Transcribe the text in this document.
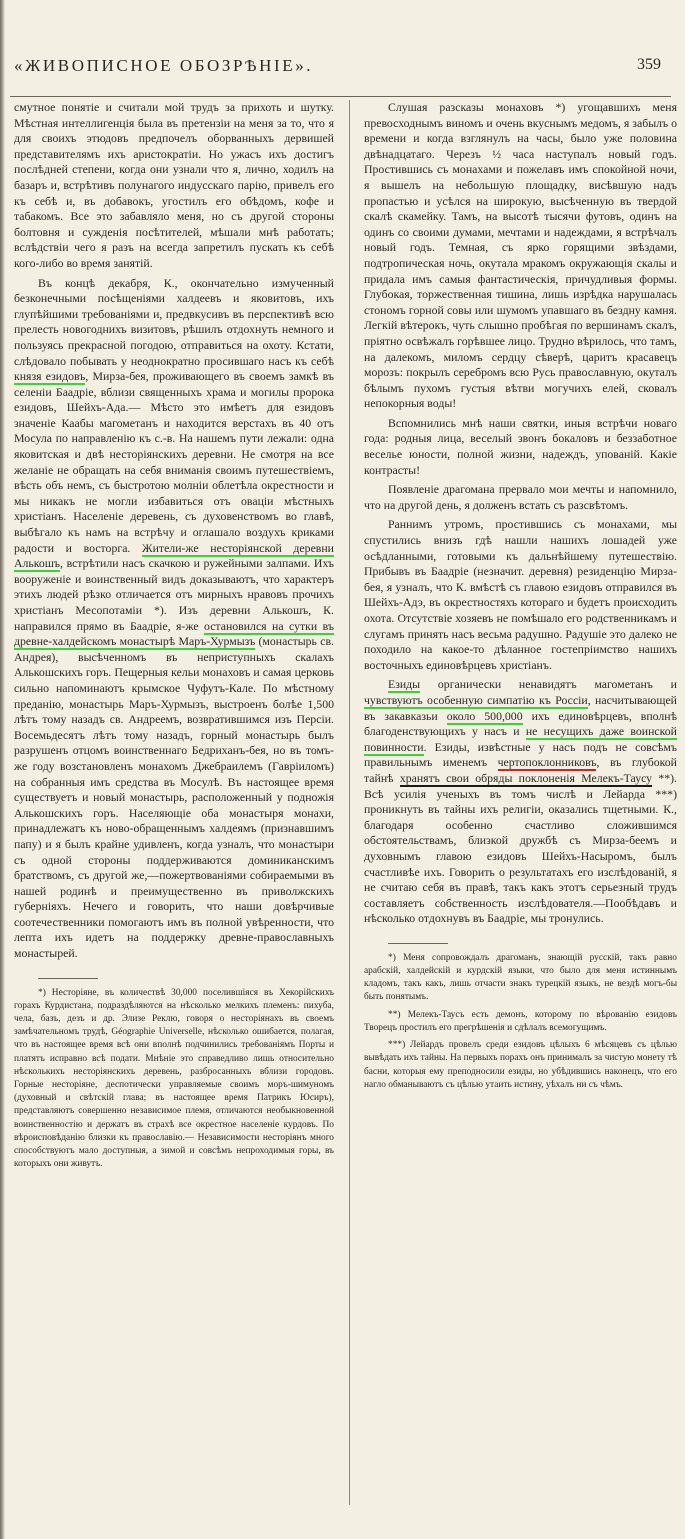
«ЖИВОПИСНОЕ ОБОЗРѢНІЕ».	359

смутное понятіе и считали мой трудъ за прихоть и шутку. Мѣстная интеллигенція была въ претензіи на меня за то, что я для своихъ этюдовъ предпочелъ оборванныхъ дервишей представителямъ ихъ аристократіи. Но ужасъ ихъ достигъ послѣдней степени, когда они узнали что я, лично, ходилъ на базаръ и, встрѣтивъ полунагого индусскаго парію, привелъ его къ себѣ и, въ добавокъ, угостилъ его обѣдомъ, кофе и табакомъ. Все это забавляло меня, но съ другой стороны болтовня и сужденія посѣтителей, мѣшали мнѣ работать; вслѣдствіи чего я разъ на всегда запретилъ пускать къ себѣ кого-либо во время занятій.

Въ концѣ декабря, К., окончательно измученный безконечными посѣщеніями халдеевъ и яковитовъ, ихъ глупѣйшими требованіями и, предвкусивъ въ перспективѣ всю прелесть новогоднихъ визитовъ, рѣшилъ отдохнуть немного и пользуясь прекрасной погодою, отправиться на охоту. Кстати, слѣдовало побывать у неоднократно просившаго насъ къ себѣ князя езидовъ, Мирза-бея, проживающего въ своемъ замкѣ въ селеніи Баадріе, вблизи священныхъ храма и могилы пророка езидовъ, Шейхъ-Ада.— Мѣсто это имѣетъ для езидовъ значеніе Каабы магометанъ и находится верстахъ въ 40 отъ Мосула по направленію къ с.-в. На нашемъ пути лежали: одна яковитская и двѣ несторіянскихъ деревни. Не смотря на все желаніе не обращать на себя вниманія своимъ путешествіемъ, вѣсть объ немъ, съ быстротою молніи облетѣла окрестности и мы никакъ не могли избавиться отъ оваціи мѣстныхъ христіанъ. Населеніе деревень, съ духовенствомъ во главѣ, выбѣгало къ намъ на встрѣчу и оглашало воздухъ криками радости и восторга. Жители-же несторіянской деревни Алькошъ, встрѣтили насъ скачкою и ружейными залпами. Ихъ вооруженіе и воинственный видъ доказываютъ, что характеръ этихъ людей рѣзко отличается отъ мирныхъ нравовъ прочихъ христіанъ Месопотаміи *). Изъ деревни Алькошъ, К. направился прямо въ Баадріе, я-же остановился на сутки въ древне-халдейскомъ монастырѣ Маръ-Хурмызъ (монастырь св. Андрея), высѣченномъ въ неприступныхъ скалахъ Алькошскихъ горъ. Пещерныя кельи монаховъ и самая церковь сильно напоминаютъ крымское Чуфутъ-Кале. По мѣстному преданію, монастырь Маръ-Хурмызъ, выстроенъ болѣе 1,500 лѣтъ тому назадъ св. Андреемъ, возвратившимся изъ Персіи. Восемьдесятъ лѣтъ тому назадъ, горный монастырь былъ разрушенъ отцомъ воинственнаго Бедриханъ-бея, но въ томъ-же году возстановленъ монахомъ Джебраилемъ (Гавріиломъ) на собранныя имъ средства въ Мосулѣ. Въ настоящее время существуетъ и новый монастырь, расположенный у подножія Алькошскихъ горъ. Населяющіе оба монастыря монахи, принадлежатъ къ ново-обращеннымъ халдеямъ (признавшимъ папу) и я былъ крайне удивленъ, когда узналъ, что монастыри съ одной стороны поддерживаются доминиканскимъ братствомъ, съ другой же,—пожертвованіями собираемыми въ нашей родинѣ и преимущественно въ приволжскихъ губерніяхъ. Нечего и говорить, что наши довѣрчивые соотечественники помогаютъ имъ въ полной увѣренности, что лепта ихъ идетъ на поддержку древне-православныхъ монастырей.

*) Несторіяне, въ количествѣ 30,000 поселившіяся въ Хекорійскихъ горахъ Курдистана, подраздѣляются на нѣсколько мелкихъ племенъ: пихуба, чела, базъ, дезъ и др. Элизе Реклю, говоря о несторіянахъ въ своемъ замѣчательномъ трудѣ, Géographie Universelle, нѣсколько ошибается, полагая, что въ настоящее время всѣ они вполнѣ подчинились требованіямъ Порты и платятъ исправно всѣ подати. Мнѣніе это справедливо лишь относительно нѣсколькихъ несторіянскихъ деревень, разбросанныхъ вблизи городовъ. Горные несторіяне, деспотически управляемые своимъ моръ-шимуномъ (духовный и свѣтскій глава; въ настоящее время Патрикъ Юсиръ), представляютъ совершенно независимое племя, отличаются необыкновенной воинственностію и держатъ въ страхѣ все окрестное населеніе курдовъ. По вѣроисповѣданію близки къ православію.— Независимости несторіянъ много способствуютъ мало доступныя, а зимой и совсѣмъ непроходимыя горы, въ которыхъ они живутъ.

Слушая разсказы монаховъ *) угощавшихъ меня превосходнымъ виномъ и очень вкуснымъ медомъ, я забылъ о времени и когда взглянулъ на часы, было уже половина двѣнадцатаго. Черезъ ½ часа наступалъ новый годъ. Простившись съ монахами и пожелавъ имъ спокойной ночи, я вышелъ на небольшую площадку, висѣвшую надъ пропастью и усѣлся на широкую, высѣченную въ твердой скалѣ скамейку. Тамъ, на высотѣ тысячи футовъ, одинъ на одинъ со своими думами, мечтами и надеждами, я встрѣчалъ новый годъ. Темная, съ ярко горящими звѣздами, подтропическая ночь, окутала мракомъ окружающія скалы и придала имъ самыя фантастическія, причудливыя формы. Глубокая, торжественная тишина, лишь изрѣдка нарушалась стономъ горной совы или шумомъ упавшаго въ бездну камня. Легкій вѣтерокъ, чуть слышно пробѣгая по вершинамъ скалъ, пріятно освѣжалъ горѣвшее лицо. Трудно вѣрилось, что тамъ, на далекомъ, миломъ сердцу сѣверѣ, царитъ красавецъ морозъ: покрылъ серебромъ всю Русь православную, окуталъ бѣлымъ пухомъ густыя вѣтви могучихъ елей, сковалъ непокорныя воды!

Вспомнились мнѣ наши святки, иныя встрѣчи новаго года: родныя лица, веселый звонъ бокаловъ и беззаботное веселье юности, полной жизни, надеждъ, упованій. Какіе контрасты!

Появленіе драгомана прервало мои мечты и напомнило, что на другой день, я долженъ встать съ разсвѣтомъ.

Раннимъ утромъ, простившись съ монахами, мы спустились внизъ гдѣ нашли нашихъ лошадей уже осѣдланными, готовыми къ дальнѣйшему путешествію. Прибывъ въ Баадріе (незначит. деревня) резиденцію Мирза-бея, я узналъ, что К. вмѣстѣ съ главою езидовъ отправился въ Шейхъ-Адэ, въ окрестностяхъ котораго и будетъ происходить охота. Отсутствіе хозяевъ не помѣшало его родственникамъ и слугамъ принять насъ весьма радушно. Радушіе это далеко не походило на какое-то дѣланное гостепріимство нашихъ восточныхъ единовѣрцевъ христіанъ.

Езиды органически ненавидятъ магометанъ и чувствуютъ особенную симпатію къ Россіи, насчитывающей въ закавказьи около 500,000 ихъ единовѣрцевъ, вполнѣ благоденствующихъ у насъ и не несущихъ даже воинской повинности. Езиды, извѣстные у насъ подъ не совсѣмъ правильнымъ именемъ чертопоклонниковъ, въ глубокой тайнѣ хранятъ свои обряды поклоненія Мелекъ-Таусу **). Всѣ усилія ученыхъ въ томъ числѣ и Лейарда ***) проникнуть въ тайны ихъ религіи, оказались тщетными. К., благодаря особенно счастливо сложившимся обстоятельствамъ, близкой дружбѣ съ Мирза-беемъ и духовнымъ главою езидовъ Шейхъ-Насыромъ, былъ счастливѣе ихъ. Говорить о результатахъ его изслѣдованій, я не считаю себя въ правѣ, такъ какъ этотъ серьезный трудъ составляетъ собственность изслѣдователя.—Пообѣдавъ и нѣсколько отдохнувъ въ Баадріе, мы тронулись.

*) Меня сопровождалъ драгоманъ, знающій русскій, такъ равно арабскій, халдейскій и курдскій языки, что было для меня истиннымъ кладомъ, такъ какъ, лишь отчасти знакъ турецкій языкъ, не вездѣ могъ-бы быть понятымъ.

**) Мелекъ-Таусъ есть демонъ, которому по вѣрованію езидовъ Творецъ простилъ его прегрѣшенія и сдѣлалъ всемогущимъ.

***) Лейардъ провелъ среди езидовъ цѣлыхъ 6 мѣсяцевъ съ цѣлью вывѣдать ихъ тайны. На первыхъ порахъ онъ принималъ за чистую монету тѣ басни, которыя ему преподносили езиды, но убѣдившись наконецъ, что его нагло обманываютъ съ цѣлью утаить истину, уѣхалъ ни съ чѣмъ.
